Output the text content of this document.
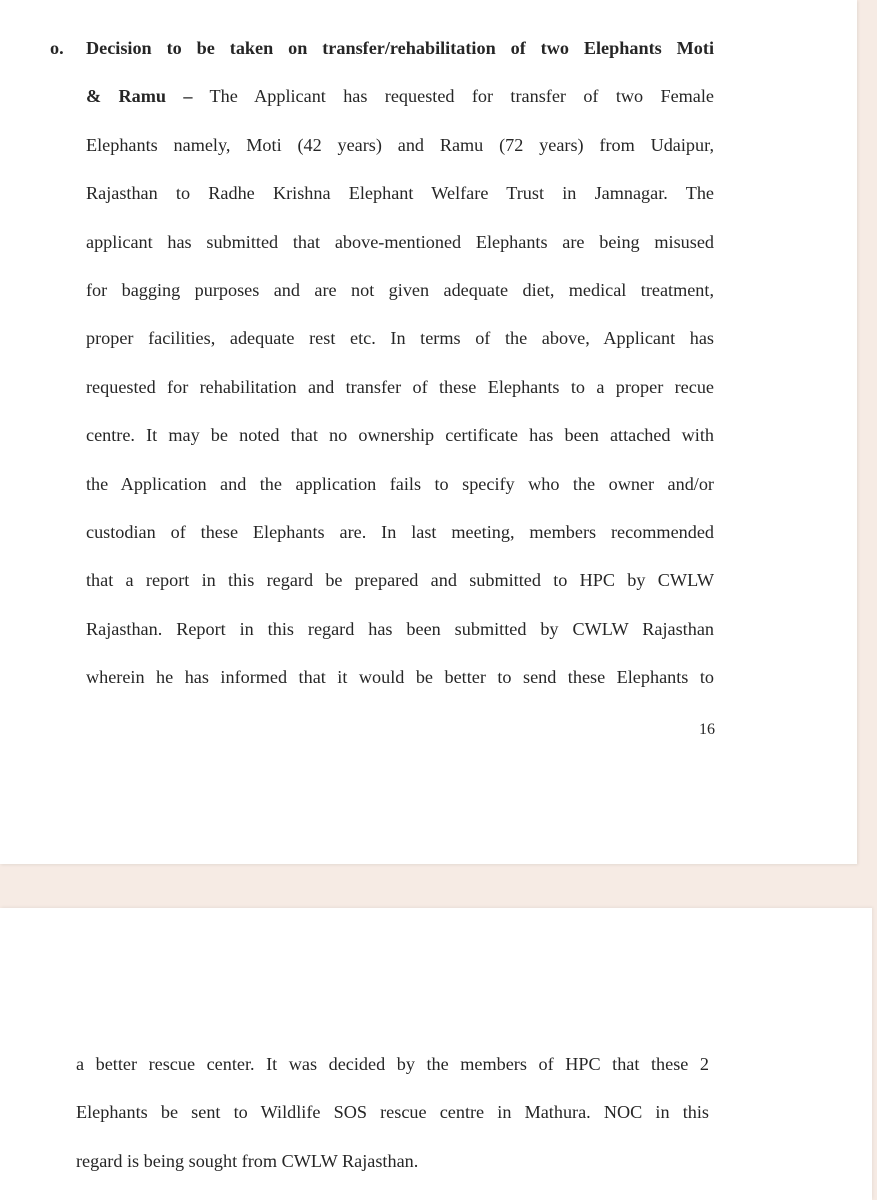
o. Decision to be taken on transfer/rehabilitation of two Elephants Moti
& Ramu – The Applicant has requested for transfer of two Female
Elephants namely, Moti (42 years) and Ramu (72 years) from Udaipur,
Rajasthan to Radhe Krishna Elephant Welfare Trust in Jamnagar. The
applicant has submitted that above-mentioned Elephants are being misused
for bagging purposes and are not given adequate diet, medical treatment,
proper facilities, adequate rest etc. In terms of the above, Applicant has
requested for rehabilitation and transfer of these Elephants to a proper recue
centre. It may be noted that no ownership certificate has been attached with
the Application and the application fails to specify who the owner and/or
custodian of these Elephants are. In last meeting, members recommended
that a report in this regard be prepared and submitted to HPC by CWLW
Rajasthan. Report in this regard has been submitted by CWLW Rajasthan
wherein he has informed that it would be better to send these Elephants to
16
a better rescue center. It was decided by the members of HPC that these 2
Elephants be sent to Wildlife SOS rescue centre in Mathura. NOC in this
regard is being sought from CWLW Rajasthan.
